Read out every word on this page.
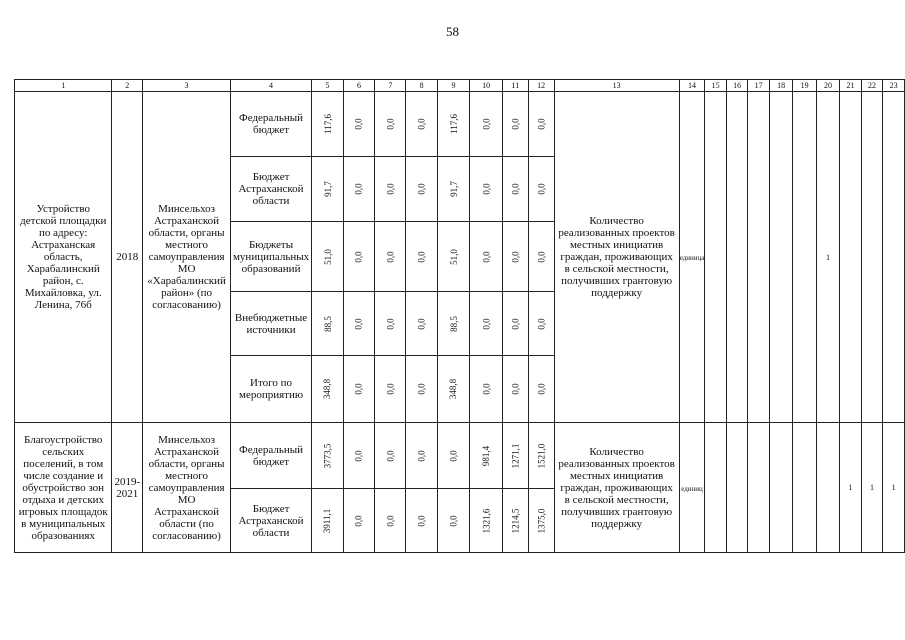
58
1	2	3	4	5	6	7	8	9	10	11	12	13	14	15	16	17	18	19	20	21	22	23

Устройство детской площадки по адресу: Астраханская область, Харабалинский район, с. Михайловка, ул. Ленина, 76б	2018	Минсельхоз Астраханской области, органы местного самоуправления МО «Харабалинский район» (по согласованию)	Федеральный бюджет	117,6	0,0	0,0	0,0	117,6	0,0	0,0	0,0	Количество реализованных проектов местных инициатив граждан, проживающих в сельской местности, получивших грантовую поддержку	единица						1			

			Бюджет Астраханской области	91,7	0,0	0,0	0,0	91,7	0,0	0,0	0,0											

			Бюджеты муниципальных образований	51,0	0,0	0,0	0,0	51,0	0,0	0,0	0,0											

			Внебюджетные источники	88,5	0,0	0,0	0,0	88,5	0,0	0,0	0,0											

			Итого по мероприятию	348,8	0,0	0,0	0,0	348,8	0,0	0,0	0,0											

Благоустройство сельских поселений, в том числе создание и обустройство зон отдыха и детских игровых площадок в муниципальных образованиях	2019-2021	Минсельхоз Астраханской области, органы местного самоуправления МО Астраханской области (по согласованию)	Федеральный бюджет	3773,5	0,0	0,0	0,0	0,0	981,4	1271,1	1521,0	Количество реализованных проектов местных инициатив граждан, проживающих в сельской местности, получивших грантовую поддержку	единиц							1	1	1

			Бюджет Астраханской области	3911,1	0,0	0,0	0,0	0,0	1321,6	1214,5	1375,0											
